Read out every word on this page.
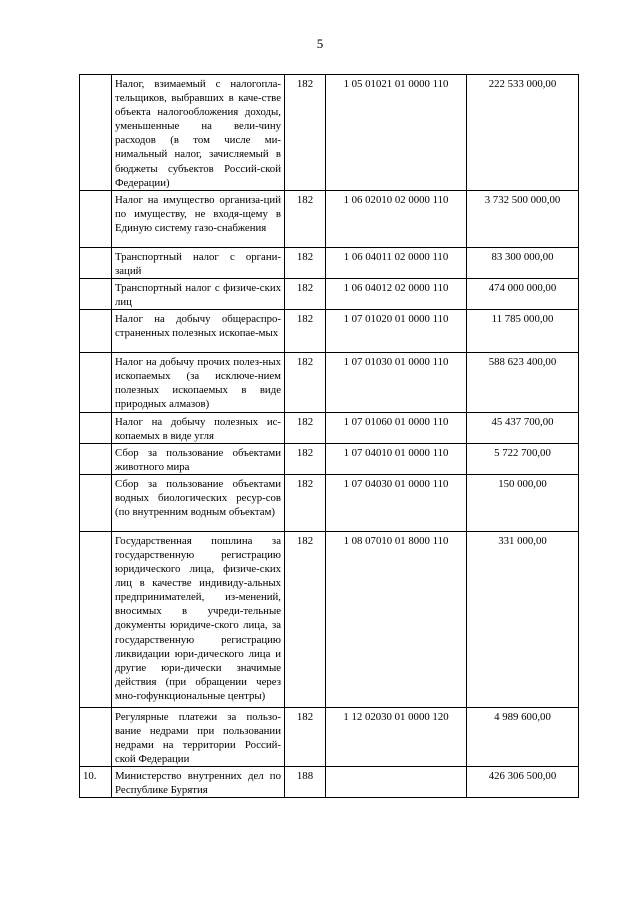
5

	Налог, взимаемый с налогопла-тельщиков, выбравших в каче-стве объекта налогообложения доходы, уменьшенные на вели-чину расходов (в том числе ми-нимальный налог, зачисляемый в бюджеты субъектов Россий-ской Федерации)	182	1 05 01021 01 0000 110	222 533 000,00

	Налог на имущество организа-ций по имуществу, не входя-щему в Единую систему газо-снабжения	182	1 06 02010 02 0000 110	3 732 500 000,00

	Транспортный налог с органи-заций	182	1 06 04011 02 0000 110	83 300 000,00

	Транспортный налог с физиче-ских лиц	182	1 06 04012 02 0000 110	474 000 000,00

	Налог на добычу общераспро-страненных полезных ископае-мых	182	1 07 01020 01 0000 110	11 785 000,00

	Налог на добычу прочих полез-ных ископаемых (за исключе-нием полезных ископаемых в виде природных алмазов)	182	1 07 01030 01 0000 110	588 623 400,00

	Налог на добычу полезных ис-копаемых в виде угля	182	1 07 01060 01 0000 110	45 437 700,00

	Сбор за пользование объектами животного мира	182	1 07 04010 01 0000 110	5 722 700,00

	Сбор за пользование объектами водных биологических ресур-сов (по внутренним водным объектам)	182	1 07 04030 01 0000 110	150 000,00

	Государственная пошлина за государственную регистрацию юридического лица, физиче-ских лиц в качестве индивиду-альных предпринимателей, из-менений, вносимых в учреди-тельные документы юридиче-ского лица, за государственную регистрацию ликвидации юри-дического лица и другие юри-дически значимые действия (при обращении через мно-гофункциональные центры)	182	1 08 07010 01 8000 110	331 000,00

	Регулярные платежи за пользо-вание недрами при пользовании недрами на территории Россий-ской Федерации	182	1 12 02030 01 0000 120	4 989 600,00

10.	Министерство внутренних дел по Республике Бурятия	188		426 306 500,00
